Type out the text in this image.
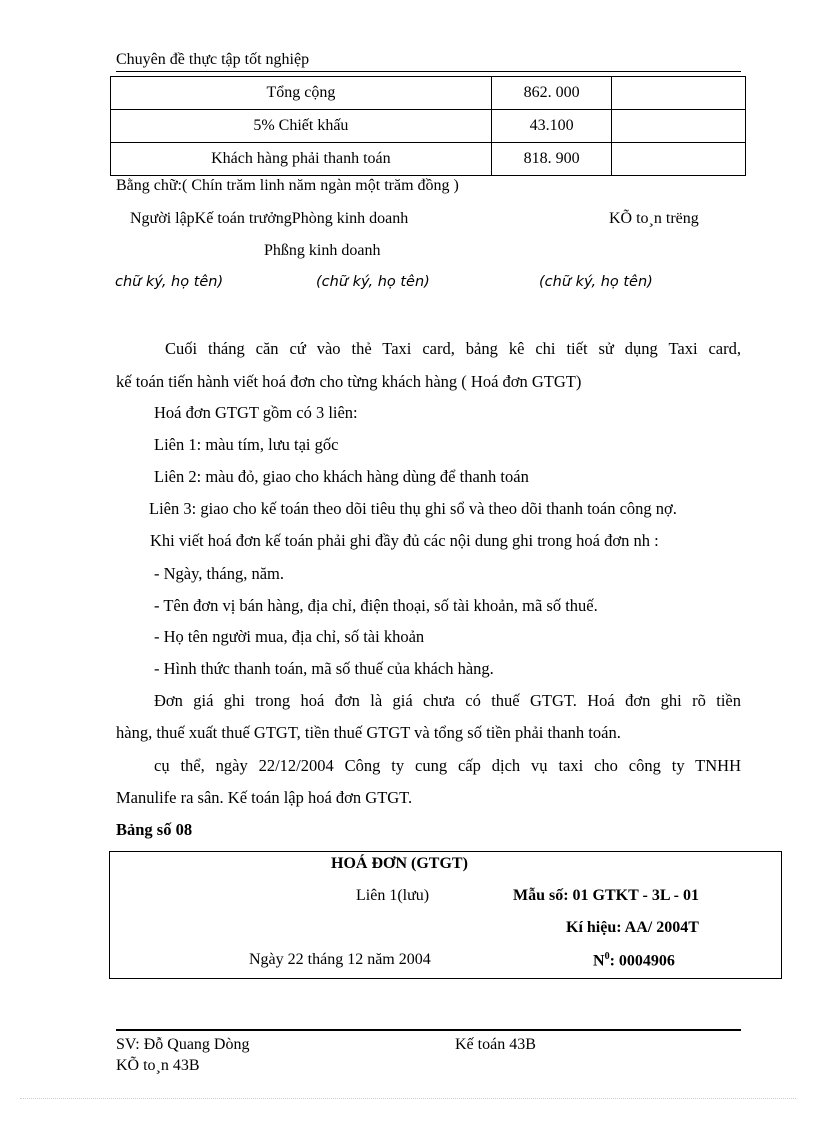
Chuyên đề thực tập tốt nghiệp
Tổng cộng	862. 000	
5% Chiết khấu	43.100	
Khách hàng phải thanh toán	818. 900	
Bằng chữ:( Chín trăm linh năm ngàn một trăm đồng )
Người lậpKế toán trưởngPhòng kinh doanh	KÕ to¸n trëng
Phßng kinh doanh
chữ ký, họ tên)	(chữ ký, họ tên)	(chữ ký, họ tên)
Cuối tháng căn cứ vào thẻ Taxi card, bảng kê chi tiết sử dụng Taxi card,
kế toán tiến hành viết hoá đơn cho từng khách hàng ( Hoá đơn GTGT)
Hoá đơn GTGT gồm có 3 liên:
Liên 1: màu tím, lưu tại gốc
Liên 2: màu đỏ, giao cho khách hàng dùng để thanh toán
Liên 3: giao cho kế toán theo dõi tiêu thụ ghi sổ và theo dõi thanh toán công nợ.
Khi viết hoá đơn kế toán phải ghi đầy đủ các nội dung ghi trong hoá đơn nh :
- Ngày, tháng, năm.
- Tên đơn vị bán hàng, địa chỉ, điện thoại, số tài khoản, mã số thuế.
- Họ tên người mua, địa chỉ, số tài khoản
- Hình thức thanh toán, mã số thuế của khách hàng.
Đơn giá ghi trong hoá đơn là giá chưa có thuế GTGT. Hoá đơn ghi rõ tiền
hàng, thuế xuất thuế GTGT, tiền thuế GTGT và tổng số tiền phải thanh toán.
cụ thể, ngày 22/12/2004 Công ty cung cấp dịch vụ taxi cho công ty TNHH
Manulife ra sân. Kế toán lập hoá đơn GTGT.
Bảng số 08
HOÁ ĐƠN (GTGT)
Liên 1(lưu)	Mẫu số: 01 GTKT - 3L - 01
Kí hiệu: AA/ 2004T
Ngày 22 tháng 12 năm 2004	$N^0$: 0004906
SV: Đỗ Quang Dòng	Kế toán 43B
KÕ to¸n 43B
